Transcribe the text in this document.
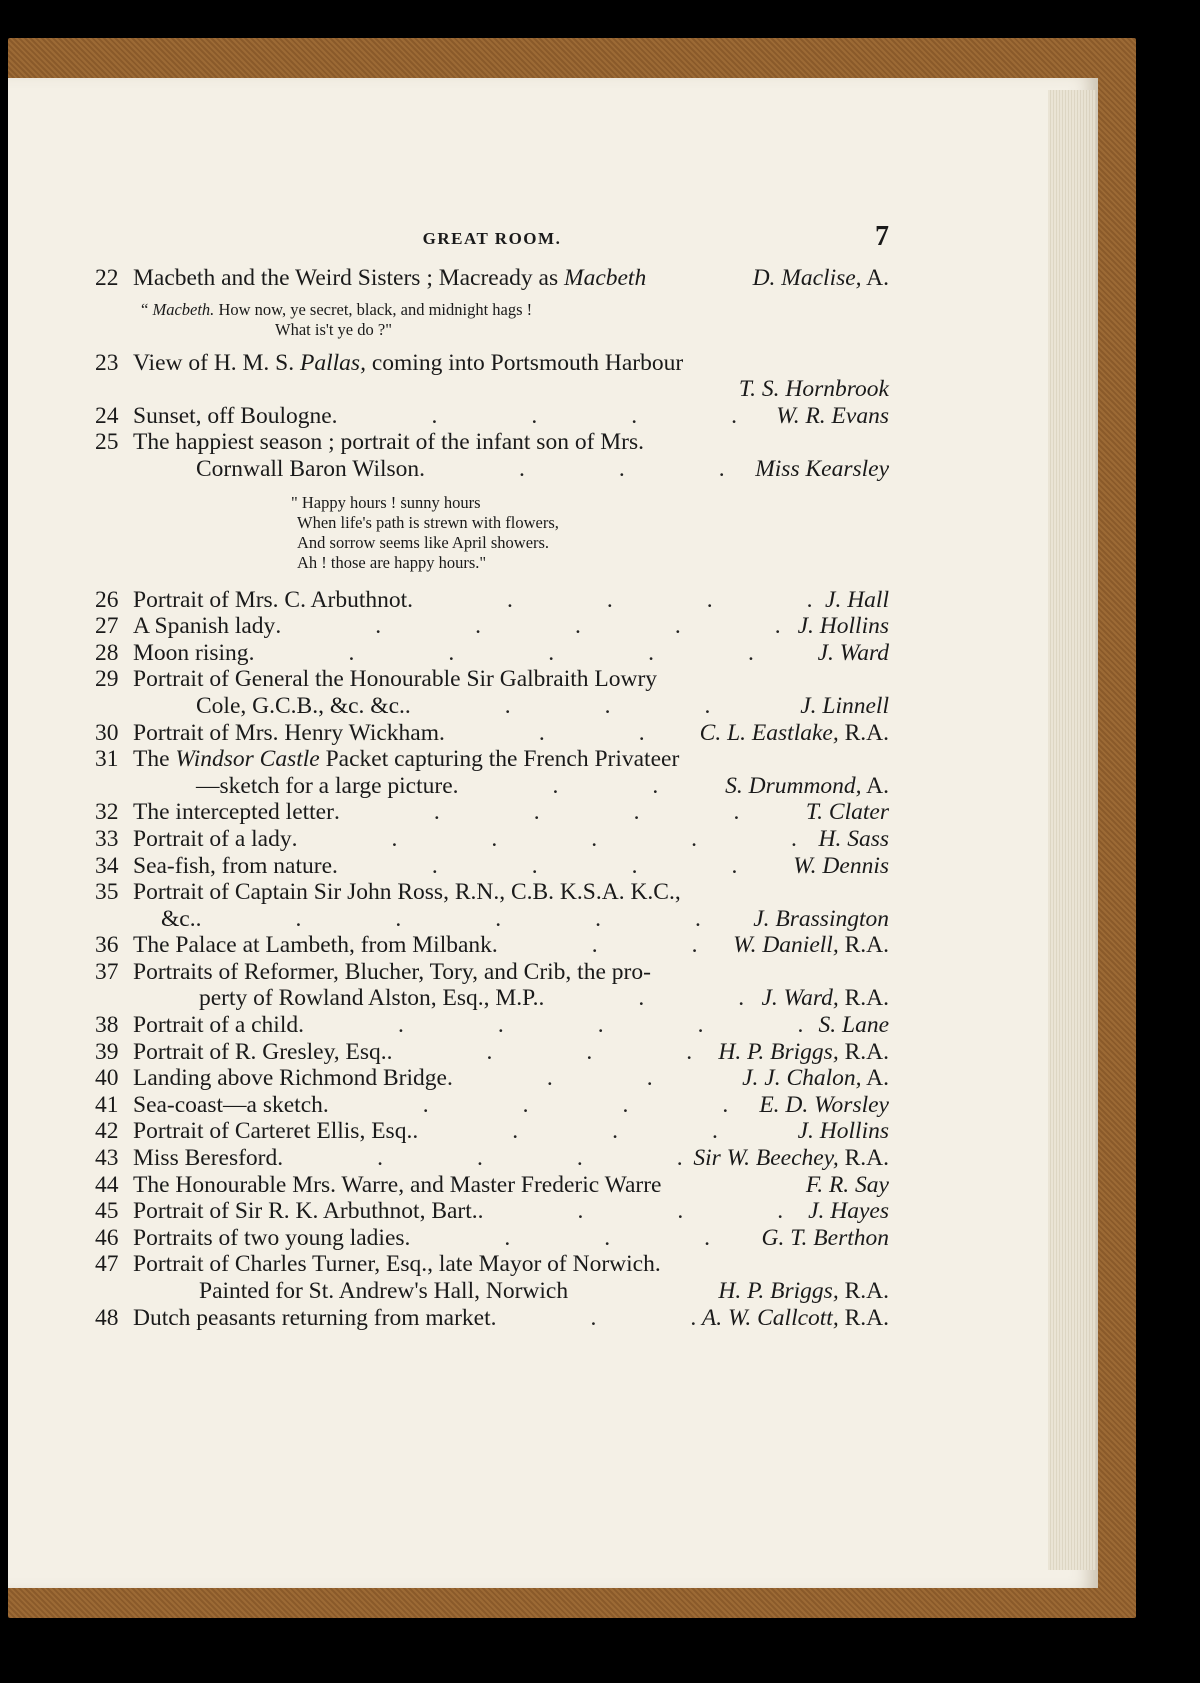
GREAT ROOM.	7
22 Macbeth and the Weird Sisters ; Macready as Macbeth	D. Maclise, A.
“ Macbeth. How now, ye secret, black, and midnight hags !
What is't ye do ?"
23 View of H. M. S. Pallas, coming into Portsmouth Harbour
T. S. Hornbrook
24 Sunset, off Boulogne .	W. R. Evans
25 The happiest season ; portrait of the infant son of Mrs.
Cornwall Baron Wilson .	Miss Kearsley
" Happy hours ! sunny hours
When life's path is strewn with flowers,
And sorrow seems like April showers.
Ah ! those are happy hours."
26 Portrait of Mrs. C. Arbuthnot .	J. Hall
27 A Spanish lady .	J. Hollins
28 Moon rising .	J. Ward
29 Portrait of General the Honourable Sir Galbraith Lowry
Cole, G.C.B., &c. &c. .	J. Linnell
30 Portrait of Mrs. Henry Wickham .	C. L. Eastlake, R.A.
31 The Windsor Castle Packet capturing the French Privateer
—sketch for a large picture .	S. Drummond, A.
32 The intercepted letter .	T. Clater
33 Portrait of a lady .	H. Sass
34 Sea-fish, from nature .	W. Dennis
35 Portrait of Captain Sir John Ross, R.N., C.B. K.S.A. K.C.,
&c. .	J. Brassington
36 The Palace at Lambeth, from Milbank .	W. Daniell, R.A.
37 Portraits of Reformer, Blucher, Tory, and Crib, the pro-
perty of Rowland Alston, Esq., M.P. .	J. Ward, R.A.
38 Portrait of a child .	S. Lane
39 Portrait of R. Gresley, Esq. .	H. P. Briggs, R.A.
40 Landing above Richmond Bridge .	J. J. Chalon, A.
41 Sea-coast—a sketch .	E. D. Worsley
42 Portrait of Carteret Ellis, Esq. .	J. Hollins
43 Miss Beresford .	Sir W. Beechey, R.A.
44 The Honourable Mrs. Warre, and Master Frederic Warre	F. R. Say
45 Portrait of Sir R. K. Arbuthnot, Bart. .	J. Hayes
46 Portraits of two young ladies .	G. T. Berthon
47 Portrait of Charles Turner, Esq., late Mayor of Norwich.
Painted for St. Andrew's Hall, Norwich	H. P. Briggs, R.A.
48 Dutch peasants returning from market .	A. W. Callcott, R.A.
